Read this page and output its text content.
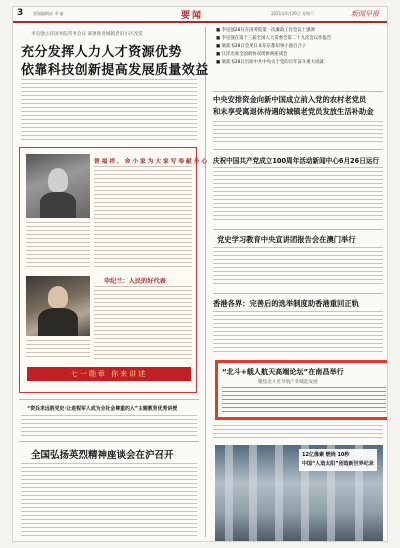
3 要闻编辑部 李 丽	要闻	2021年6月26日 星期六	新闻早报
李克强主持国务院常务会议 部署推进城镇老旧小区改造
充分发挥人力人才资源优势
依靠科技创新提高发展质量效益
■ 李克强28日在国务院第一次廉政工作会议上强调
■ 李克强在第十三届全国人大常委会第二十九次会议作报告
■ 栗战书28日会见日本东京都知事小池百合子
■ 汪洋出席全国政协双周协商座谈会
■ 栗战书28日出席中共中央关于党的百年奋斗重大成就
中央安排资金向新中国成立前入党的农村老党员
和未享受离退休待遇的城镇老党员发放生活补助金
庆祝中国共产党成立100周年活动新闻中心6月26日运行
党史学习教育中央宣讲团报告会在澳门举行
香港各界：完善后的选举制度助香港重回正轨
“北斗+载人航天高端论坛”在南昌举行
聚焦北斗星导航产业赋能发展
曾 福 祥 ， 舍 小 家 为 大 家 写 奉 献 丹 心
申纪兰：人民的好代表
七一勋章 你来讲述
“资兵求远胜党史·让进程军人成为全社会尊重的人”主题教育优秀讲授
全国弘扬英烈精神座谈会在沪召开	12亿像素 燃烧 10秒
中国“人造太阳”创造新世界纪录
